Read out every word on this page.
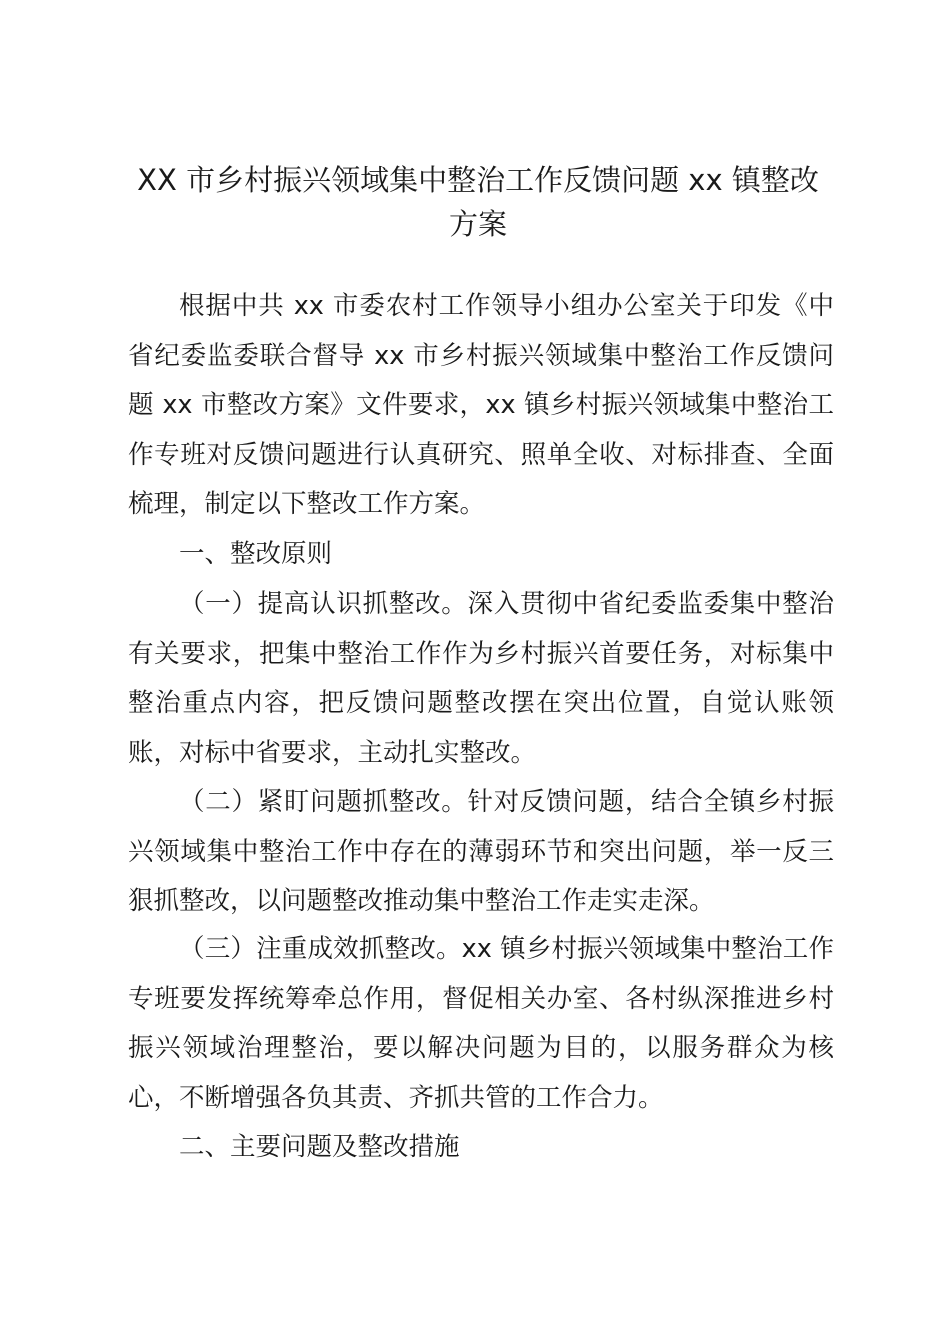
XX 市乡村振兴领域集中整治工作反馈问题 xx 镇整改方案

根据中共 xx 市委农村工作领导小组办公室关于印发《中省纪委监委联合督导 xx 市乡村振兴领域集中整治工作反馈问题 xx 市整改方案》文件要求，xx 镇乡村振兴领域集中整治工作专班对反馈问题进行认真研究、照单全收、对标排查、全面梳理，制定以下整改工作方案。

一、整改原则

（一）提高认识抓整改。深入贯彻中省纪委监委集中整治有关要求，把集中整治工作作为乡村振兴首要任务，对标集中整治重点内容，把反馈问题整改摆在突出位置，自觉认账领账，对标中省要求，主动扎实整改。

（二）紧盯问题抓整改。针对反馈问题，结合全镇乡村振兴领域集中整治工作中存在的薄弱环节和突出问题，举一反三狠抓整改，以问题整改推动集中整治工作走实走深。

（三）注重成效抓整改。xx 镇乡村振兴领域集中整治工作专班要发挥统筹牵总作用，督促相关办室、各村纵深推进乡村振兴领域治理整治，要以解决问题为目的，以服务群众为核心，不断增强各负其责、齐抓共管的工作合力。

二、主要问题及整改措施
